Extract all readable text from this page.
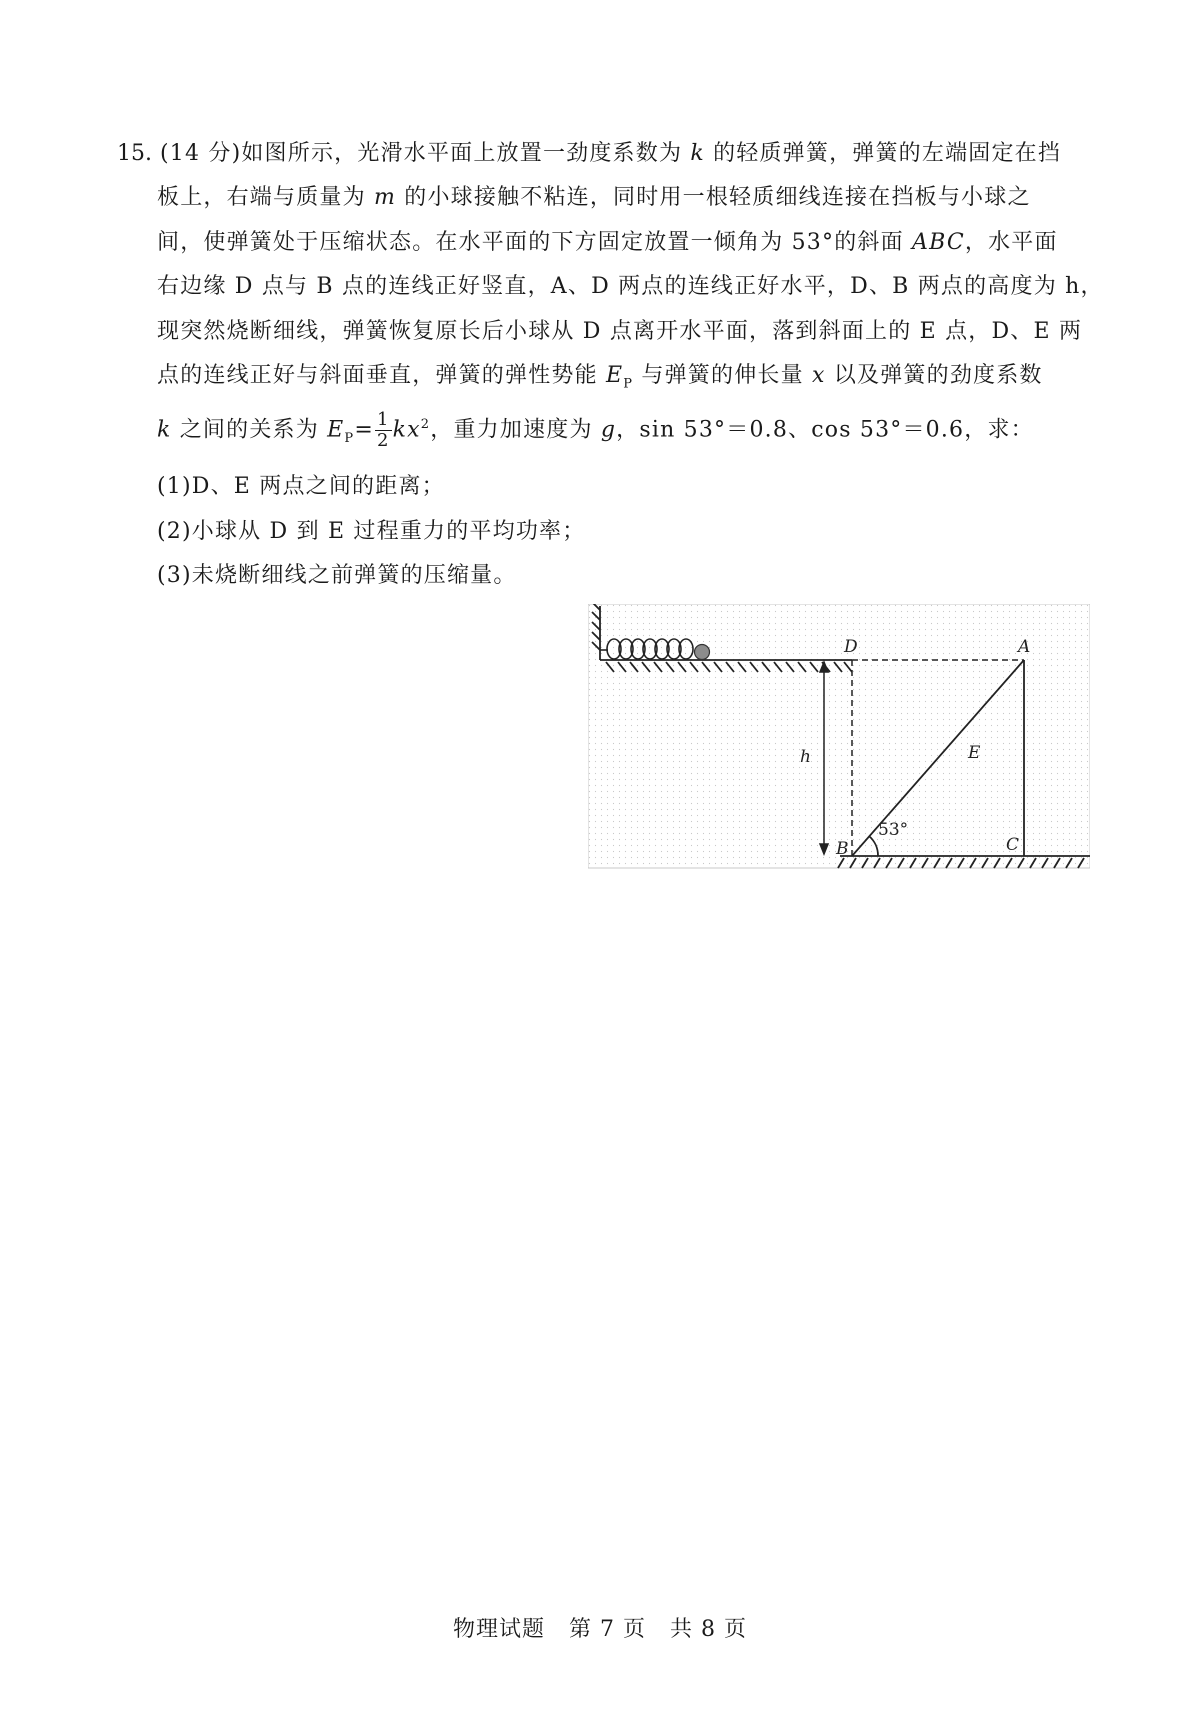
15. (14 分)如图所示，光滑水平面上放置一劲度系数为 k 的轻质弹簧，弹簧的左端固定在挡
板上，右端与质量为 m 的小球接触不粘连，同时用一根轻质细线连接在挡板与小球之
间，使弹簧处于压缩状态。在水平面的下方固定放置一倾角为 53°的斜面 ABC，水平面
右边缘 D 点与 B 点的连线正好竖直，A、D 两点的连线正好水平，D、B 两点的高度为 h，
现突然烧断细线，弹簧恢复原长后小球从 D 点离开水平面，落到斜面上的 E 点，D、E 两
点的连线正好与斜面垂直，弹簧的弹性势能 $E_P$ 与弹簧的伸长量 x 以及弹簧的劲度系数
k 之间的关系为 $E_P= \frac{1}{2} kx^2$，重力加速度为 g，sin 53°＝0.8、cos 53°＝0.6，求：
(1)D、E 两点之间的距离；
(2)小球从 D 到 E 过程重力的平均功率；
(3)未烧断细线之前弹簧的压缩量。
D	A
E
h
B	C
53°
物理试题 第 7 页 共 8 页
